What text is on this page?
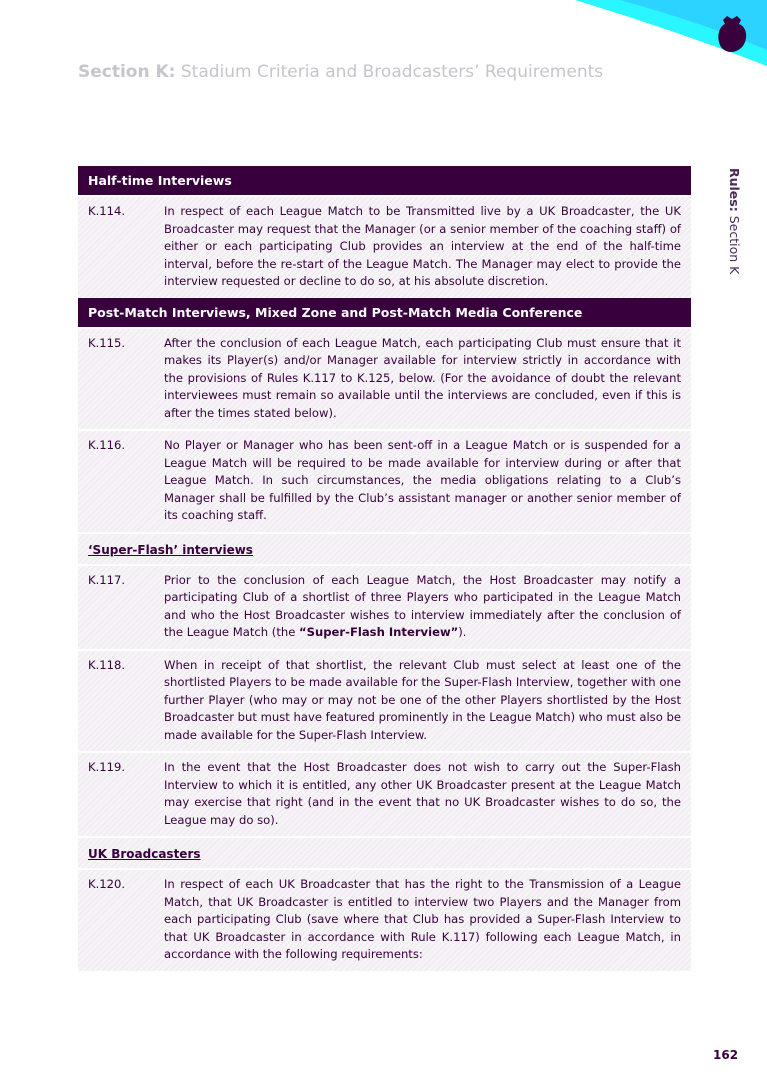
Section K: Stadium Criteria and Broadcasters’ Requirements
Rules: Section K
Half-time Interviews
K.114.	In respect of each League Match to be Transmitted live by a UK Broadcaster, the UK Broadcaster may request that the Manager (or a senior member of the coaching staff) of either or each participating Club provides an interview at the end of the half-time interval, before the re-start of the League Match. The Manager may elect to provide the interview requested or decline to do so, at his absolute discretion.
Post-Match Interviews, Mixed Zone and Post-Match Media Conference
K.115.	After the conclusion of each League Match, each participating Club must ensure that it makes its Player(s) and/or Manager available for interview strictly in accordance with the provisions of Rules K.117 to K.125, below. (For the avoidance of doubt the relevant interviewees must remain so available until the interviews are concluded, even if this is after the times stated below).
K.116.	No Player or Manager who has been sent-off in a League Match or is suspended for a League Match will be required to be made available for interview during or after that League Match. In such circumstances, the media obligations relating to a Club’s Manager shall be fulfilled by the Club’s assistant manager or another senior member of its coaching staff.
‘Super-Flash’ interviews
K.117.	Prior to the conclusion of each League Match, the Host Broadcaster may notify a participating Club of a shortlist of three Players who participated in the League Match and who the Host Broadcaster wishes to interview immediately after the conclusion of the League Match (the “Super-Flash Interview”).
K.118.	When in receipt of that shortlist, the relevant Club must select at least one of the shortlisted Players to be made available for the Super-Flash Interview, together with one further Player (who may or may not be one of the other Players shortlisted by the Host Broadcaster but must have featured prominently in the League Match) who must also be made available for the Super-Flash Interview.
K.119.	In the event that the Host Broadcaster does not wish to carry out the Super-Flash Interview to which it is entitled, any other UK Broadcaster present at the League Match may exercise that right (and in the event that no UK Broadcaster wishes to do so, the League may do so).
UK Broadcasters
K.120.	In respect of each UK Broadcaster that has the right to the Transmission of a League Match, that UK Broadcaster is entitled to interview two Players and the Manager from each participating Club (save where that Club has provided a Super-Flash Interview to that UK Broadcaster in accordance with Rule K.117) following each League Match, in accordance with the following requirements:
162
